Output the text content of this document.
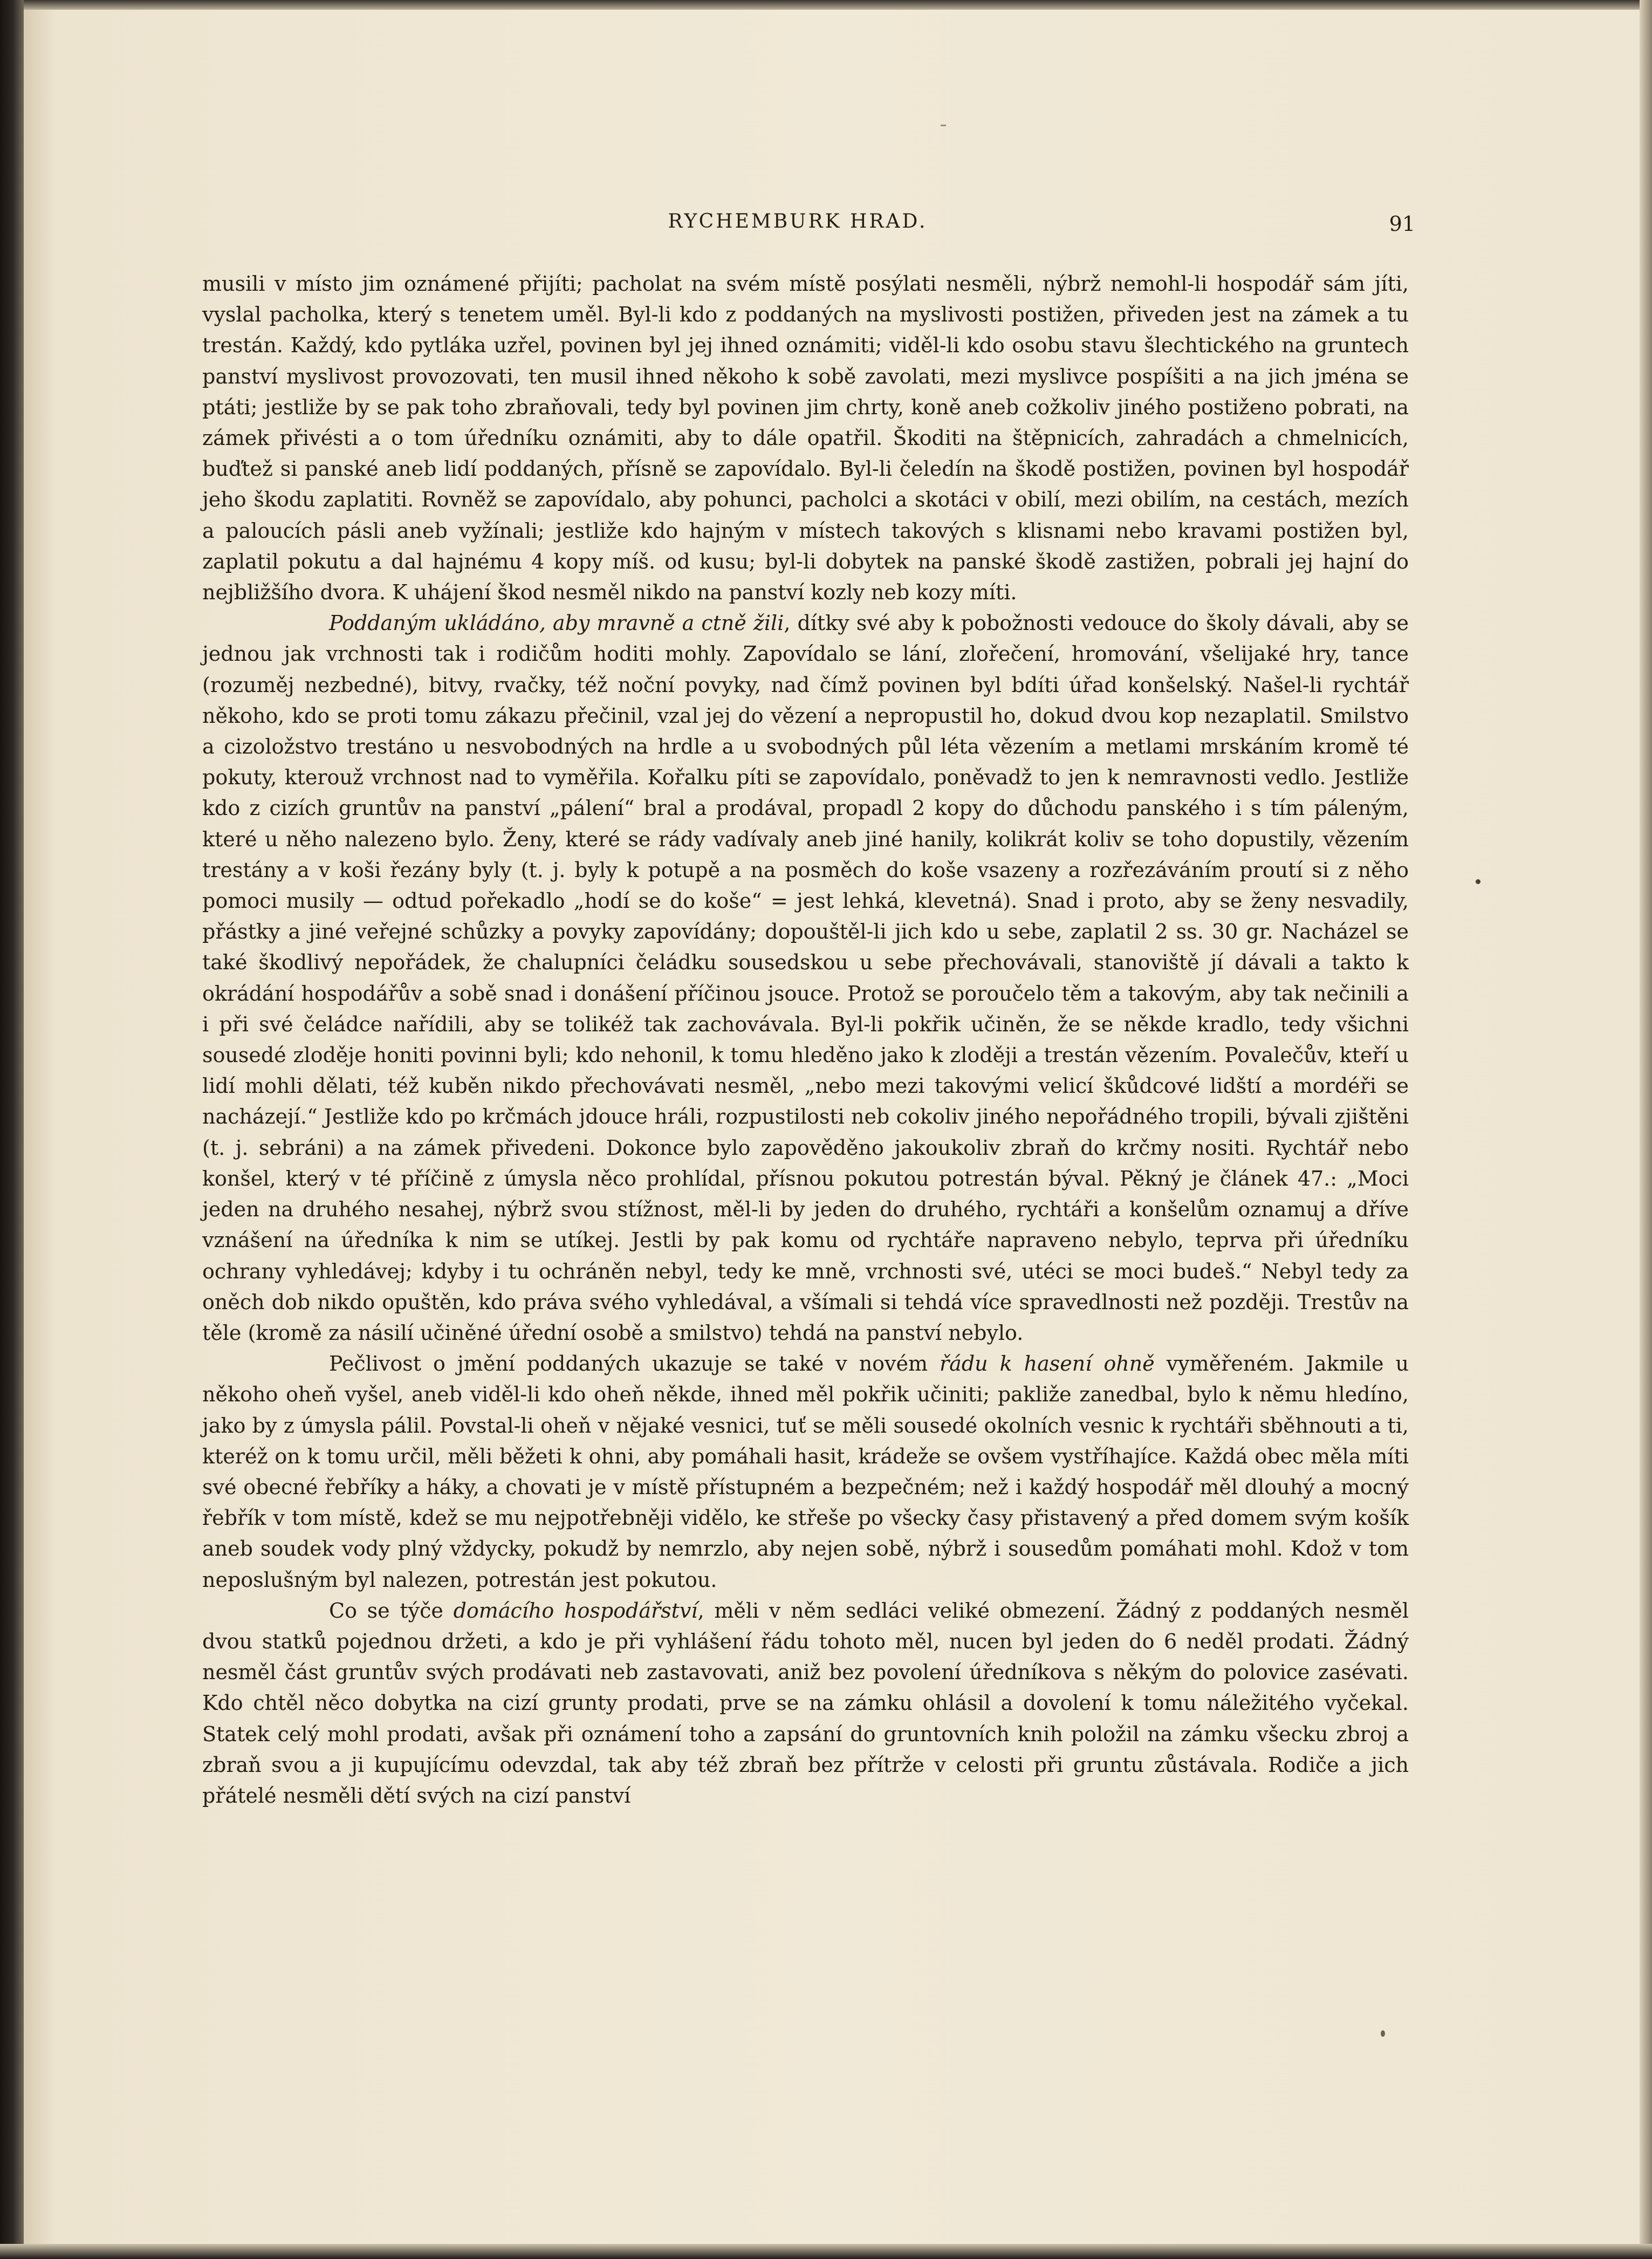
RYCHEMBURK HRAD.	91

musili v místo jim oznámené přijíti; pacholat na svém místě posýlati nesměli, nýbrž nemohl-li hospodář sám jíti, vyslal pacholka, který s tenetem uměl. Byl-li kdo z poddaných na myslivosti postižen, přiveden jest na zámek a tu trestán. Každý, kdo pytláka uzřel, povinen byl jej ihned oznámiti; viděl-li kdo osobu stavu šlechtického na gruntech panství myslivost provozovati, ten musil ihned někoho k sobě zavolati, mezi myslivce pospíšiti a na jich jména se ptáti; jestliže by se pak toho zbraňovali, tedy byl povinen jim chrty, koně aneb cožkoliv jiného postiženo pobrati, na zámek přivésti a o tom úředníku oznámiti, aby to dále opatřil. Škoditi na štěpnicích, zahradách a chmelnicích, buďtež si panské aneb lidí poddaných, přísně se zapovídalo. Byl-li čeledín na škodě postižen, povinen byl hospodář jeho škodu zaplatiti. Rovněž se zapovídalo, aby pohunci, pacholci a skotáci v obilí, mezi obilím, na cestách, mezích a paloucích pásli aneb vyžínali; jestliže kdo hajným v místech takových s klisnami nebo kravami postižen byl, zaplatil pokutu a dal hajnému 4 kopy míš. od kusu; byl-li dobytek na panské škodě zastižen, pobrali jej hajní do nejbližšího dvora. K uhájení škod nesměl nikdo na panství kozly neb kozy míti.

Poddaným ukládáno, aby mravně a ctně žili, dítky své aby k pobožnosti vedouce do školy dávali, aby se jednou jak vrchnosti tak i rodičům hoditi mohly. Zapovídalo se lání, zlořečení, hromování, všelijaké hry, tance (rozuměj nezbedné), bitvy, rvačky, též noční povyky, nad čímž povinen byl bdíti úřad konšelský. Našel-li rychtář někoho, kdo se proti tomu zákazu přečinil, vzal jej do vězení a nepropustil ho, dokud dvou kop nezaplatil. Smilstvo a cizoložstvo trestáno u nesvobodných na hrdle a u svobodných půl léta vězením a metlami mrskáním kromě té pokuty, kterouž vrchnost nad to vyměřila. Kořalku píti se zapovídalo, poněvadž to jen k nemravnosti vedlo. Jestliže kdo z cizích gruntův na panství „pálení“ bral a prodával, propadl 2 kopy do důchodu panského i s tím páleným, které u něho nalezeno bylo. Ženy, které se rády vadívaly aneb jiné hanily, kolikrát koliv se toho dopustily, vězením trestány a v koši řezány byly (t. j. byly k potupě a na posměch do koše vsazeny a rozřezáváním proutí si z něho pomoci musily — odtud pořekadlo „hodí se do koše“ = jest lehká, klevetná). Snad i proto, aby se ženy nesvadily, přástky a jiné veřejné schůzky a povyky zapovídány; dopouštěl-li jich kdo u sebe, zaplatil 2 ss. 30 gr. Nacházel se také škodlivý nepořádek, že chalupníci čeládku sousedskou u sebe přechovávali, stanoviště jí dávali a takto k okrádání hospodářův a sobě snad i donášení příčinou jsouce. Protož se poroučelo těm a takovým, aby tak nečinili a i při své čeládce nařídili, aby se tolikéž tak zachovávala. Byl-li pokřik učiněn, že se někde kradlo, tedy všichni sousedé zloděje honiti povinni byli; kdo nehonil, k tomu hleděno jako k zloději a trestán vězením. Povalečův, kteří u lidí mohli dělati, též kuběn nikdo přechovávati nesměl, „nebo mezi takovými velicí škůdcové lidští a mordéři se nacházejí.“ Jestliže kdo po krčmách jdouce hráli, rozpustilosti neb cokoliv jiného nepořádného tropili, bývali zjištěni (t. j. sebráni) a na zámek přivedeni. Dokonce bylo zapověděno jakoukoliv zbraň do krčmy nositi. Rychtář nebo konšel, který v té příčině z úmysla něco prohlídal, přísnou pokutou potrestán býval. Pěkný je článek 47.: „Moci jeden na druhého nesahej, nýbrž svou stížnost, měl-li by jeden do druhého, rychtáři a konšelům oznamuj a dříve vznášení na úředníka k nim se utíkej. Jestli by pak komu od rychtáře napraveno nebylo, teprva při úředníku ochrany vyhledávej; kdyby i tu ochráněn nebyl, tedy ke mně, vrchnosti své, utéci se moci budeš.“ Nebyl tedy za oněch dob nikdo opuštěn, kdo práva svého vyhledával, a všímali si tehdá více spravedlnosti než později. Trestův na těle (kromě za násilí učiněné úřední osobě a smilstvo) tehdá na panství nebylo.

Pečlivost o jmění poddaných ukazuje se také v novém řádu k hasení ohně vyměřeném. Jakmile u někoho oheň vyšel, aneb viděl-li kdo oheň někde, ihned měl pokřik učiniti; pakliže zanedbal, bylo k němu hledíno, jako by z úmysla pálil. Povstal-li oheň v nějaké vesnici, tuť se měli sousedé okolních vesnic k rychtáři sběhnouti a ti, kteréž on k tomu určil, měli běžeti k ohni, aby pomáhali hasit, krádeže se ovšem vystříhajíce. Každá obec měla míti své obecné řebříky a háky, a chovati je v místě přístupném a bezpečném; než i každý hospodář měl dlouhý a mocný řebřík v tom místě, kdež se mu nejpotřebněji vidělo, ke střeše po všecky časy přistavený a před domem svým košík aneb soudek vody plný vždycky, pokudž by nemrzlo, aby nejen sobě, nýbrž i sousedům pomáhati mohl. Kdož v tom neposlušným byl nalezen, potrestán jest pokutou.

Co se týče domácího hospodářství, měli v něm sedláci veliké obmezení. Žádný z poddaných nesměl dvou statků pojednou držeti, a kdo je při vyhlášení řádu tohoto měl, nucen byl jeden do 6 neděl prodati. Žádný nesměl část gruntův svých prodávati neb zastavovati, aniž bez povolení úředníkova s někým do polovice zasévati. Kdo chtěl něco dobytka na cizí grunty prodati, prve se na zámku ohlásil a dovolení k tomu náležitého vyčekal. Statek celý mohl prodati, avšak při oznámení toho a zapsání do gruntovních knih položil na zámku všecku zbroj a zbraň svou a ji kupujícímu odevzdal, tak aby též zbraň bez přítrže v celosti při gruntu zůstávala. Rodiče a jich přátelé nesměli dětí svých na cizí panství
